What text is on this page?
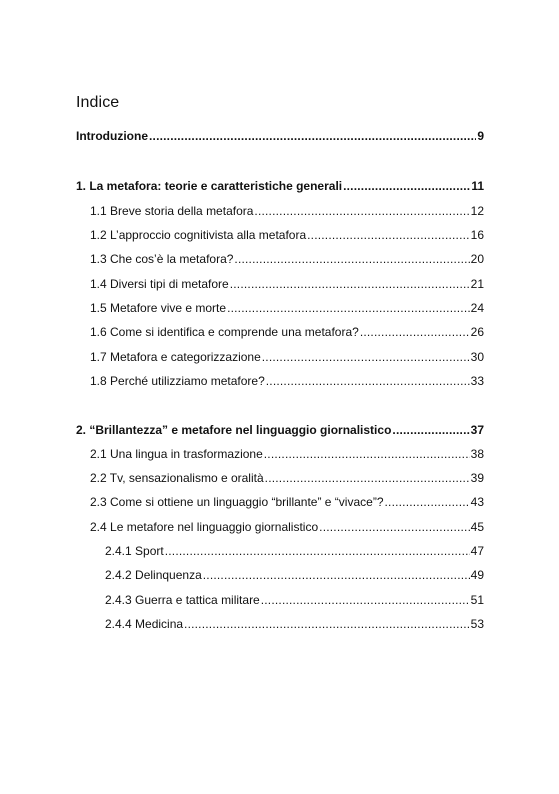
Indice
Introduzione .....	9
1. La metafora: teorie e caratteristiche generali .....	11
1.1 Breve storia della metafora .....	12
1.2 L’approccio cognitivista alla metafora .....	16
1.3 Che cos’è la metafora? .....	20
1.4 Diversi tipi di metafore .....	21
1.5 Metafore vive e morte .....	24
1.6 Come si identifica e comprende una metafora? .....	26
1.7 Metafora e categorizzazione .....	30
1.8 Perché utilizziamo metafore? .....	33
2. “Brillantezza” e metafore nel linguaggio giornalistico .....	37
2.1 Una lingua in trasformazione .....	38
2.2 Tv, sensazionalismo e oralità .....	39
2.3 Come si ottiene un linguaggio “brillante” e “vivace”? .....	43
2.4 Le metafore nel linguaggio giornalistico .....	45
2.4.1 Sport .....	47
2.4.2 Delinquenza .....	49
2.4.3 Guerra e tattica militare .....	51
2.4.4 Medicina .....	53
